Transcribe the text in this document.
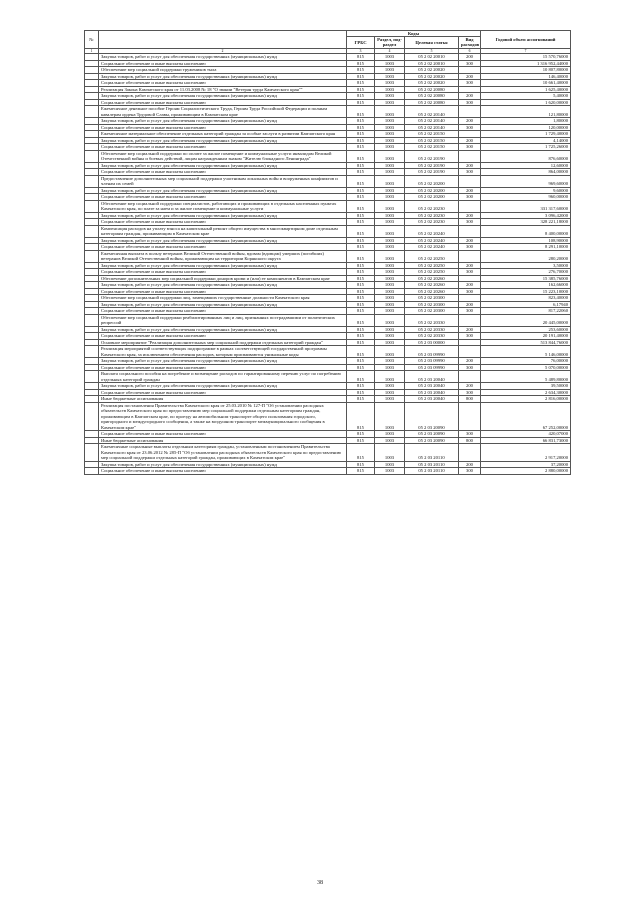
№		Коды				Годовой объем ассигнований
		ГРБС	Раздел, под-раздел	Целевая статья	Вид расходов	
1	2	3	4	5	6	7
	Закупка товаров, работ и услуг для обеспечения государственных (муниципальных) нужд	815	1003	05 2 02 20010	200	15 570,76000
	Социальное обеспечение и иные выплаты населению	815	1003	05 2 02 20010	300	1 316 952,44000
	Обеспечение мер социальной поддержки тружеников тыла	815	1003	05 2 02 20020		10 807,80000
	Закупка товаров, работ и услуг для обеспечения государственных (муниципальных) нужд	815	1003	05 2 02 20020	200	146,40000
	Социальное обеспечение и иные выплаты населению	815	1003	05 2 02 20020	300	10 661,40000
	Реализация Закона Камчатского края от 11.03.2008 № 18 "О звании "Ветеран труда Камчатского края""	815	1003	05 2 02 20080		1 625,40000
	Закупка товаров, работ и услуг для обеспечения государственных (муниципальных) нужд	815	1003	05 2 02 20080	200	5,40000
	Социальное обеспечение и иные выплаты населению	815	1003	05 2 02 20080	300	1 620,00000
	Ежемесячное денежное пособие Героям Социалистического Труда, Героям Труда Российской Федерации и полным кавалерам ордена Трудовой Славы, проживающим в Камчатском крае	815	1003	05 2 02 20140		121,80000
	Закупка товаров, работ и услуг для обеспечения государственных (муниципальных) нужд	815	1003	05 2 02 20140	200	1,80000
	Социальное обеспечение и иные выплаты населению	815	1003	05 2 02 20140	300	120,00000
	Ежемесячное материальное обеспечение отдельных категорий граждан за особые заслуги в развитии Камчатского края	815	1003	05 2 02 20150		1 729,40000
	Закупка товаров, работ и услуг для обеспечения государственных (муниципальных) нужд	815	1003	05 2 02 20150	200	4,14000
	Социальное обеспечение и иные выплаты населению	815	1003	05 2 02 20150	300	1 725,26000
	Обеспечение мер социальной поддержки по оплате за жилое помещение и коммунальные услуги инвалидам Великой Отечественной войны и боевых действий, лицам награжденным знаком "Жителю блокадного Ленинграда"	815	1003	05 2 02 20190		876,60000
	Закупка товаров, работ и услуг для обеспечения государственных (муниципальных) нужд	815	1003	05 2 02 20190	200	12,60000
	Социальное обеспечение и иные выплаты населению	815	1003	05 2 02 20190	300	864,00000
	Предоставление дополнительных мер социальной поддержки участникам локальных войн и вооруженных конфликтов и членам их семей	815	1003	05 2 02 20200		969,60000
	Закупка товаров, работ и услуг для обеспечения государственных (муниципальных) нужд	815	1003	05 2 02 20200	200	9,60000
	Социальное обеспечение и иные выплаты населению	815	1003	05 2 02 20200	300	960,00000
	Обеспечение мер социальной поддержки специалистов, работающих и проживающих в отдельных населенных пунктах Камчатского края, по плате за наем и за жилое помещение и коммунальные услуги	815	1003	05 2 02 20230		331 317,60000
	Закупка товаров, работ и услуг для обеспечения государственных (муниципальных) нужд	815	1003	05 2 02 20230	200	3 096,42000
	Социальное обеспечение и иные выплаты населению	815	1003	05 2 02 20230	300	328 221,18000
	Компенсация расходов на уплату взноса на капитальный ремонт общего имущества в многоквартирном доме отдельным категориям граждан, проживающим в Камчатском крае	815	1003	05 2 02 20240		8 400,00000
	Закупка товаров, работ и услуг для обеспечения государственных (муниципальных) нужд	815	1003	05 2 02 20240	200	108,90000
	Социальное обеспечение и иные выплаты населению	815	1003	05 2 02 20240	300	8 291,10000
	Ежемесячная выплата в пользу ветеранов Великой Отечественной войны, вдовам (вдовцам) умерших (погибших) ветеранов Великой Отечественной войны, проживающим на территории Корякского округа	815	1003	05 2 02 20250		280,20000
	Закупка товаров, работ и услуг для обеспечения государственных (муниципальных) нужд	815	1003	05 2 02 20250	200	3,50000
	Социальное обеспечение и иные выплаты населению	815	1003	05 2 02 20250	300	276,70000
	Обеспечение дополнительных мер социальной поддержки доноров крови и (или) ее компонентов в Камчатском крае	815	1003	05 2 02 20260		15 385,76000
	Закупка товаров, работ и услуг для обеспечения государственных (муниципальных) нужд	815	1003	05 2 02 20260	200	162,66000
	Социальное обеспечение и иные выплаты населению	815	1003	05 2 02 20260	300	15 223,10000
	Обеспечение мер социальной поддержки лиц, замещавших государственные должности Камчатского края	815	1003	05 2 02 20300		823,40000
	Закупка товаров, работ и услуг для обеспечения государственных (муниципальных) нужд	815	1003	05 2 02 20300	200	6,17940
	Социальное обеспечение и иные выплаты населению	815	1003	05 2 02 20300	300	817,22060
	Обеспечение мер социальной поддержки реабилитированных лиц и лиц, признанных пострадавшими от политических репрессий	815	1003	05 2 02 20330		20 445,00000
	Закупка товаров, работ и услуг для обеспечения государственных (муниципальных) нужд	815	1003	05 2 02 20330	200	253,60000
	Социальное обеспечение и иные выплаты населению	815	1003	05 2 02 20330	300	20 191,40000
	Основное мероприятие "Реализация дополнительных мер социальной поддержки отдельных категорий граждан"	815	1003	05 2 03 00000		513 844,76000
	Реализация мероприятий соответствующих подпрограмме в рамках соответствующей государственной программы Камчатского края, за исключением обеспечения расходов, которым присваиваются уникальные коды	815	1003	05 2 03 09990		5 146,00000
	Закупка товаров, работ и услуг для обеспечения государственных (муниципальных) нужд	815	1003	05 2 03 09990	200	76,00000
	Социальное обеспечение и иные выплаты населению	815	1003	05 2 03 09990	300	5 070,00000
	Выплата социального пособия на погребение и возмещение расходов по гарантированному перечню услуг по погребению отдельных категорий граждан	815	1003	05 2 03 20040		5 489,80000
	Закупка товаров, работ и услуг для обеспечения государственных (муниципальных) нужд	815	1003	05 2 03 20040	200	39,50000
	Социальное обеспечение и иные выплаты населению	815	1003	05 2 03 20040	300	2 634,30000
	Иные бюджетные ассигнования	815	1003	05 2 03 20040	800	2 816,00000
	Реализация постановления Правительства Камчатского края от 25.03.2010 № 127-П "Об установлении расходных обязательств Камчатского края по предоставлению мер социальной поддержки отдельным категориям граждан, проживающим в Камчатском крае, по проезду на автомобильном транспорте общего пользования городского, пригородного и междугородного сообщения, а также на воздушном транспорте межмуниципального сообщения в Камчатском крае"	815	1003	05 2 03 20090		67 252,00000
	Социальное обеспечение и иные выплаты населению	815	1003	05 2 03 20090	300	420,07000
	Иные бюджетные ассигнования	815	1003	05 2 03 20090	800	66 831,73000
	Ежемесячные социальные выплаты отдельным категориям граждан, установленным постановлением Правительства Камчатского края от 23.06.2012 № 285-П "Об установлении расходных обязательств Камчатского края по предоставлению мер социальной поддержки отдельных категорий граждан, проживающих в Камчатском крае"	815	1003	05 2 03 20110		2 917,20000
	Закупка товаров, работ и услуг для обеспечения государственных (муниципальных) нужд	815	1003	05 2 03 20110	200	37,20000
	Социальное обеспечение и иные выплаты населению	815	1003	05 2 03 20110	300	2 880,00000
38
